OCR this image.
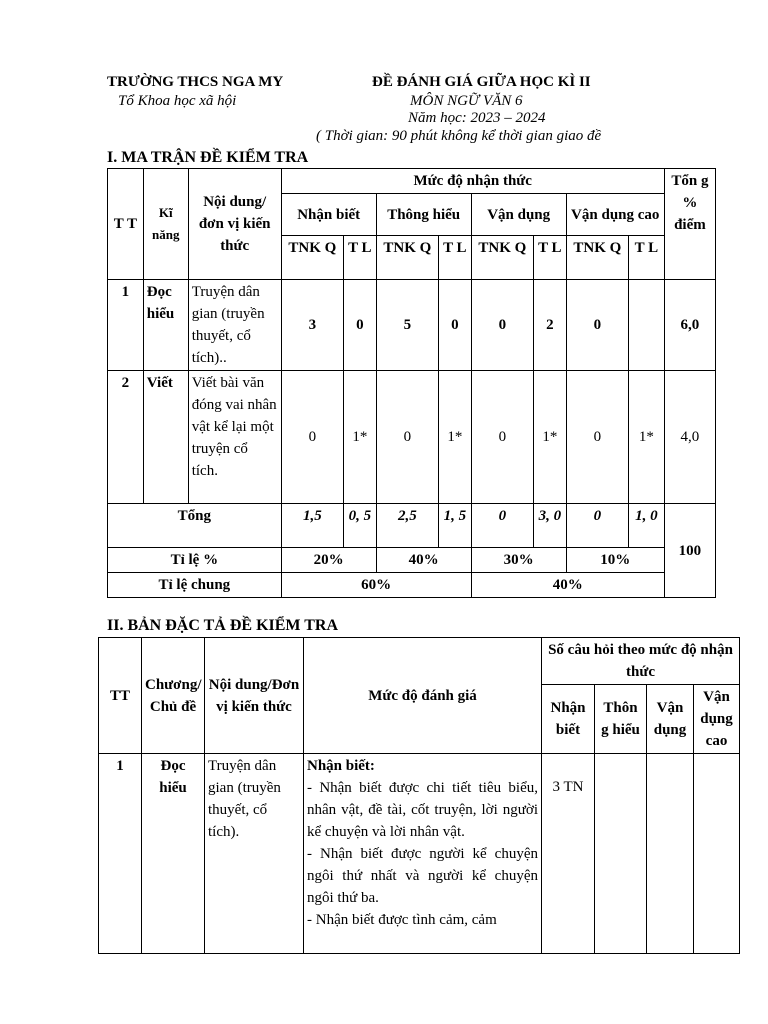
TRƯỜNG THCS NGA MY
Tổ Khoa học xã hội
ĐỀ ĐÁNH GIÁ GIỮA HỌC KÌ II
MÔN NGỮ VĂN 6
Năm học: 2023 – 2024
( Thời gian: 90 phút không kể thời gian giao đề
I. MA TRẬN ĐỀ KIỂM TRA
T T	Kĩ năng	Nội dung/đơn vị kiến thức	Mức độ nhận thức								Tổn g % điểm
			Nhận biết		Thông hiểu		Vận dụng		Vận dụng cao		
			TNK Q	T L	TNK Q	T L	TNK Q	T L	TNK Q	T L	
1	Đọc hiểu	Truyện dân gian (truyền thuyết, cổ tích)..	3	0	5	0	0	2	0		6,0
2	Viết	Viết bài văn đóng vai nhân vật kể lại một truyện cổ tích.	0	1*	0	1*	0	1*	0	1*	4,0
Tổng			1,5	0, 5	2,5	1, 5	0	3, 0	0	1, 0	100
Tỉ lệ %			20%		40%		30%		10%		
Tỉ lệ chung			60%				40%				
II. BẢN ĐẶC TẢ ĐỀ KIỂM TRA
TT	Chương/ Chủ đề	Nội dung/Đơn vị kiến thức	Mức độ đánh giá	Số câu hỏi theo mức độ nhận thức			
				Nhận biết	Thôn g hiểu	Vận dụng	Vận dụng cao
1	Đọc hiểu	Truyện dân gian (truyền thuyết, cổ tích).	Nhận biết:
- Nhận biết được chi tiết tiêu biểu, nhân vật, đề tài, cốt truyện, lời người kể chuyện và lời nhân vật.
- Nhận biết được người kể chuyện ngôi thứ nhất và người kể chuyện ngôi thứ ba.
- Nhận biết được tình cảm, cảm	3 TN			
